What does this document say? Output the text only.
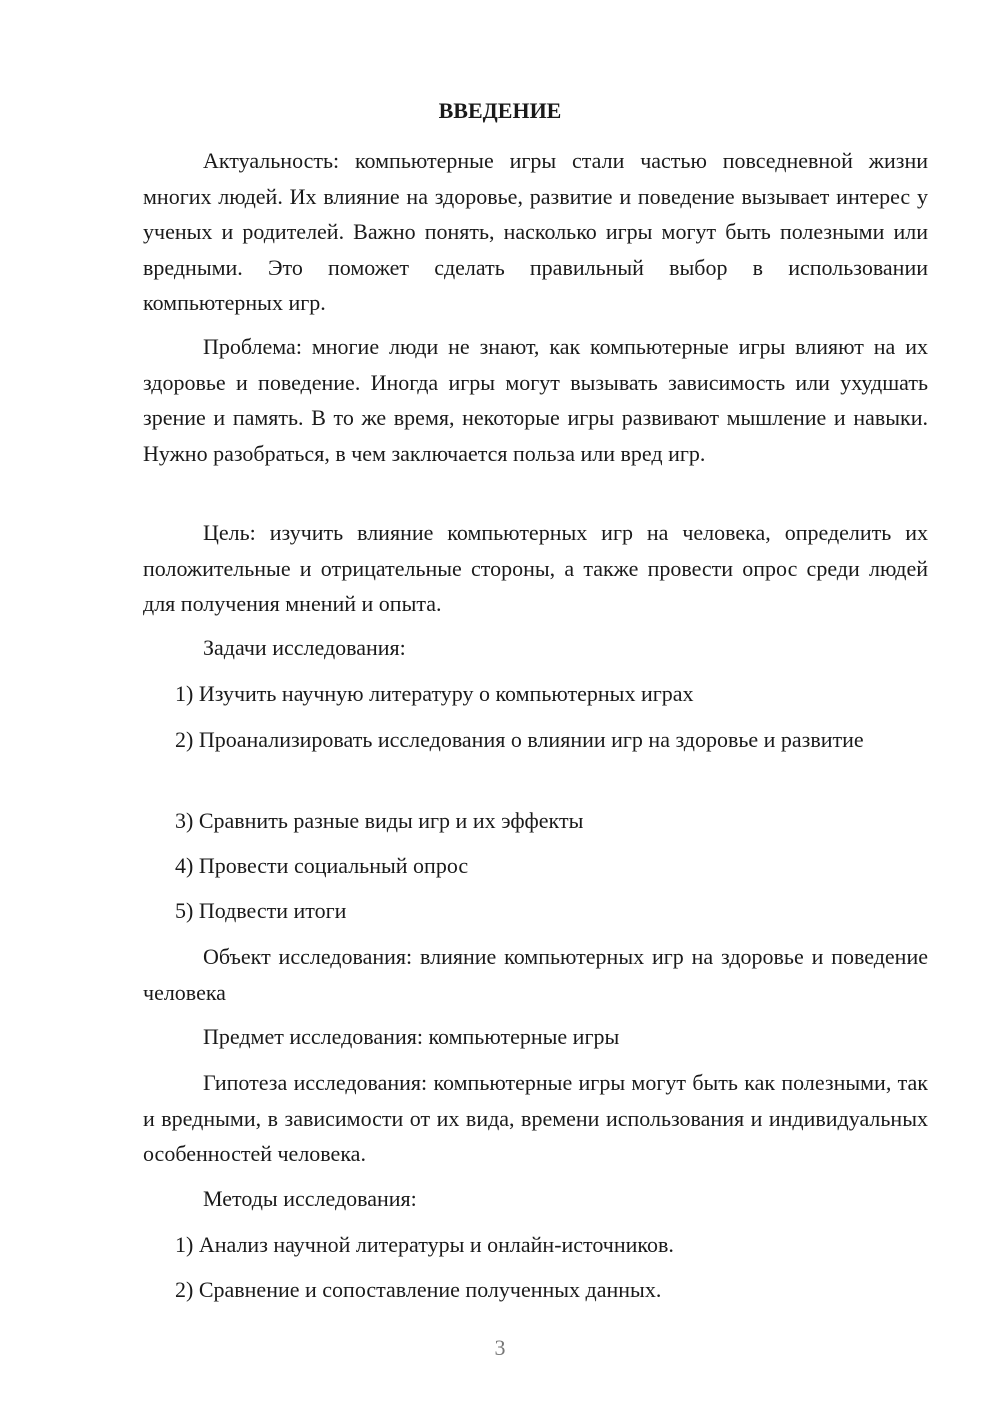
ВВЕДЕНИЕ

Актуальность: компьютерные игры стали частью повседневной жизни многих людей. Их влияние на здоровье, развитие и поведение вызывает интерес у ученых и родителей. Важно понять, насколько игры могут быть полезными или вредными. Это поможет сделать правильный выбор в использовании компьютерных игр.

Проблема: многие люди не знают, как компьютерные игры влияют на их здоровье и поведение. Иногда игры могут вызывать зависимость или ухудшать зрение и память. В то же время, некоторые игры развивают мышление и навыки. Нужно разобраться, в чем заключается польза или вред игр.

Цель: изучить влияние компьютерных игр на человека, определить их положительные и отрицательные стороны, а также провести опрос среди людей для получения мнений и опыта.

Задачи исследования:

1) Изучить научную литературу о компьютерных играх

2) Проанализировать исследования о влиянии игр на здоровье и развитие

3) Сравнить разные виды игр и их эффекты

4) Провести социальный опрос

5) Подвести итоги

Объект исследования: влияние компьютерных игр на здоровье и поведение человека

Предмет исследования: компьютерные игры

Гипотеза исследования: компьютерные игры могут быть как полезными, так и вредными, в зависимости от их вида, времени использования и индивидуальных особенностей человека.

Методы исследования:

1) Анализ научной литературы и онлайн-источников.

2) Сравнение и сопоставление полученных данных.

3
